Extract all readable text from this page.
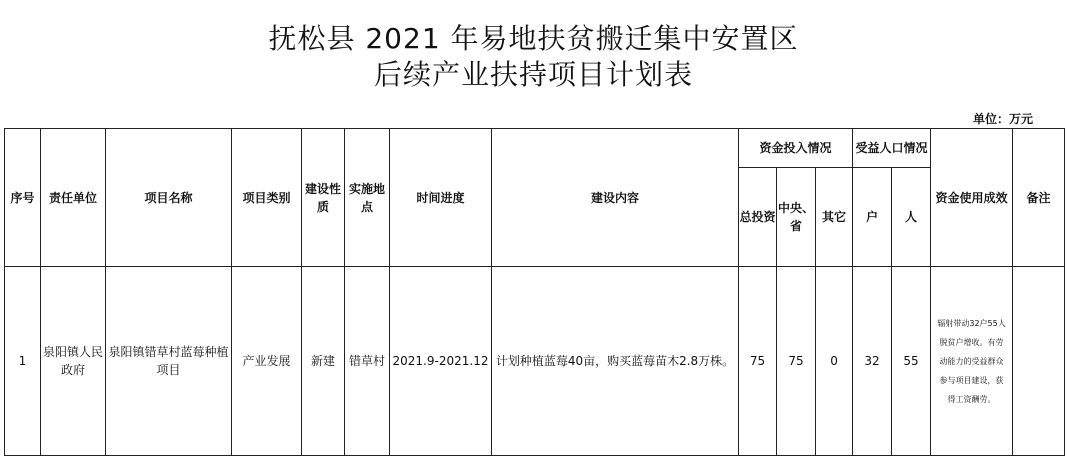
抚松县 2021 年易地扶贫搬迁集中安置区
后续产业扶持项目计划表
单位：万元
序号	责任单位	项目名称	项目类别	建设性质	实施地点	时间进度	建设内容	资金投入情况			受益人口情况		资金使用成效	备注
								总投资	中央、省	其它	户	人		
1	泉阳镇人民政府	泉阳镇错草村蓝莓种植项目	产业发展	新建	错草村	2021.9-2021.12	计划种植蓝莓40亩，购买蓝莓苗木2.8万株。	75	75	0	32	55	辐射带动32户55人脱贫户增收。有劳动能力的受益群众参与项目建设，获得工资酬劳。	
